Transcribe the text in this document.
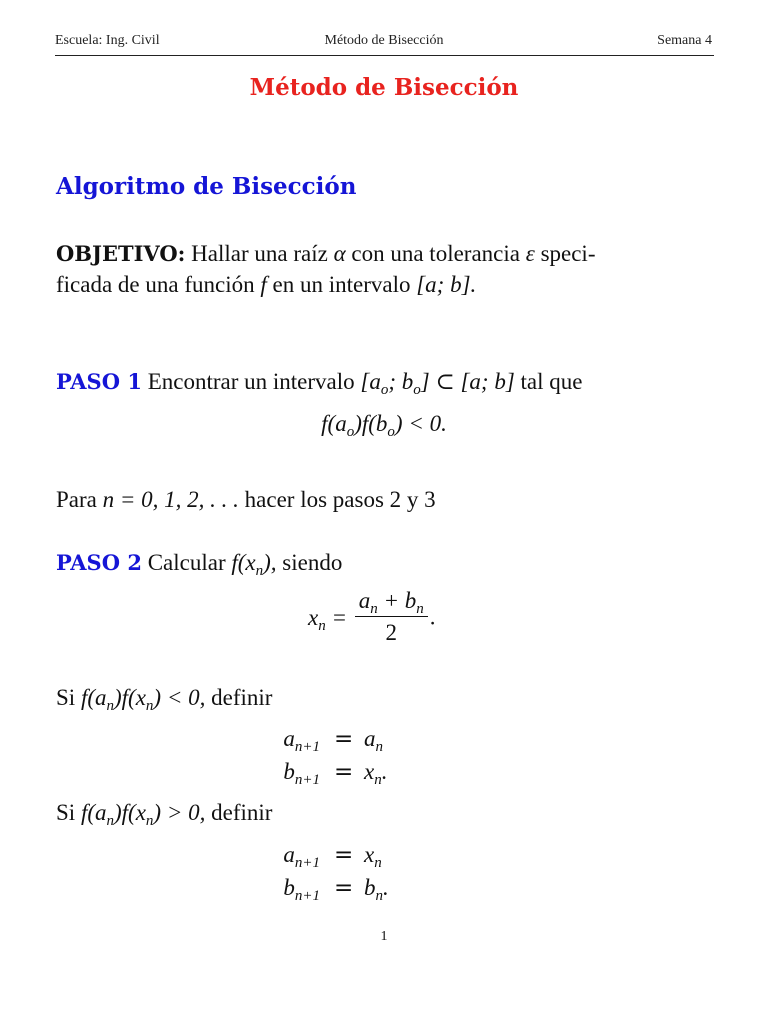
Escuela: Ing. Civil	Método de Bisección	Semana 4
Método de Bisección
Algoritmo de Bisección
OBJETIVO: Hallar una raíz α con una tolerancia ε speci-
ficada de una función f en un intervalo [a; b].
PASO 1 Encontrar un intervalo [$a_o$; $b_o$] ⊂ [a; b] tal que
$f(a_o)f(b_o) < 0$.
Para n = 0, 1, 2, . . . hacer los pasos 2 y 3
PASO 2 Calcular $f(x_n)$, siendo
$x_n = \frac{a_n + b_n}{2}$ .
Si $f(a_n)f(x_n) < 0$, definir
$a_{n+1} = a_n$
$b_{n+1} = x_n$.
Si $f(a_n)f(x_n) > 0$, definir
$a_{n+1} = x_n$
$b_{n+1} = b_n$.
1
